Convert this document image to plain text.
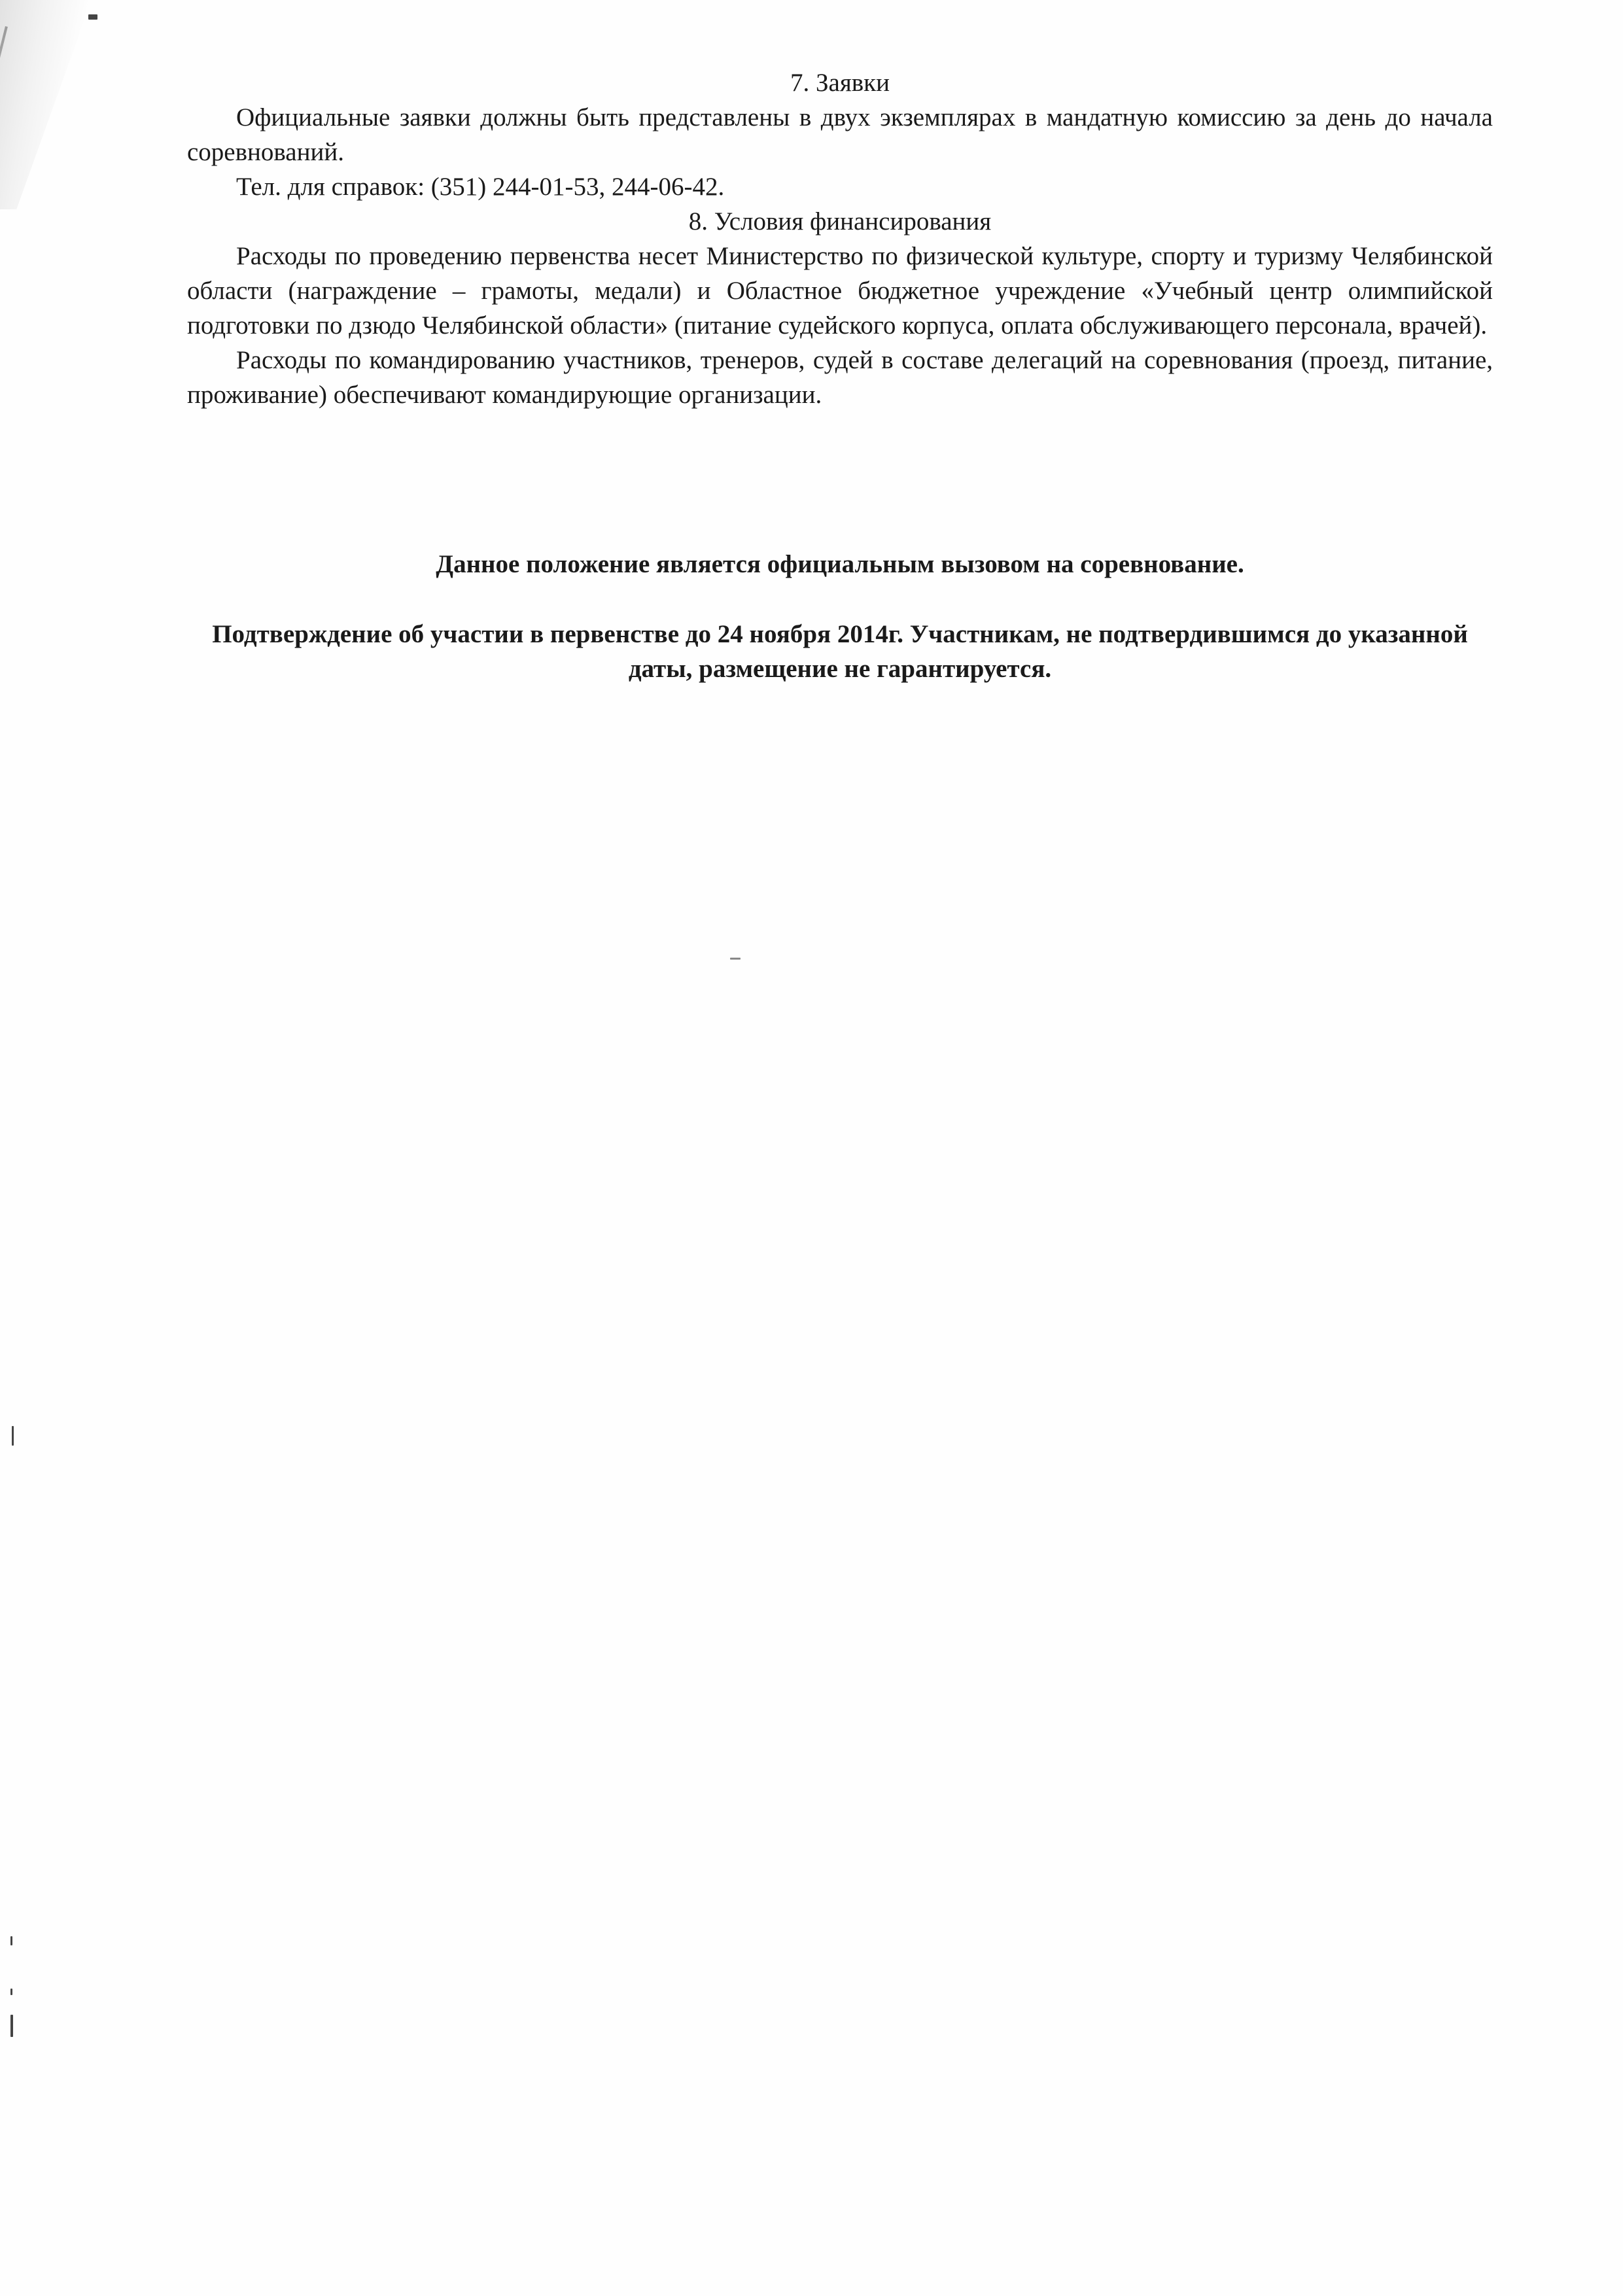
7. Заявки

Официальные заявки должны быть представлены в двух экземплярах в мандатную комиссию за день до начала соревнований.

Тел. для справок: (351) 244-01-53, 244-06-42.

8. Условия финансирования

Расходы по проведению первенства несет Министерство по физической культуре, спорту и туризму Челябинской области (награждение – грамоты, медали) и Областное бюджетное учреждение «Учебный центр олимпийской подготовки по дзюдо Челябинской области» (питание судейского корпуса, оплата обслуживающего персонала, врачей).

Расходы по командированию участников, тренеров, судей в составе делегаций на соревнования (проезд, питание, проживание) обеспечивают командирующие организации.

Данное положение является официальным вызовом на соревнование.

Подтверждение об участии в первенстве до 24 ноября 2014г. Участникам, не подтвердившимся до указанной даты, размещение не гарантируется.
